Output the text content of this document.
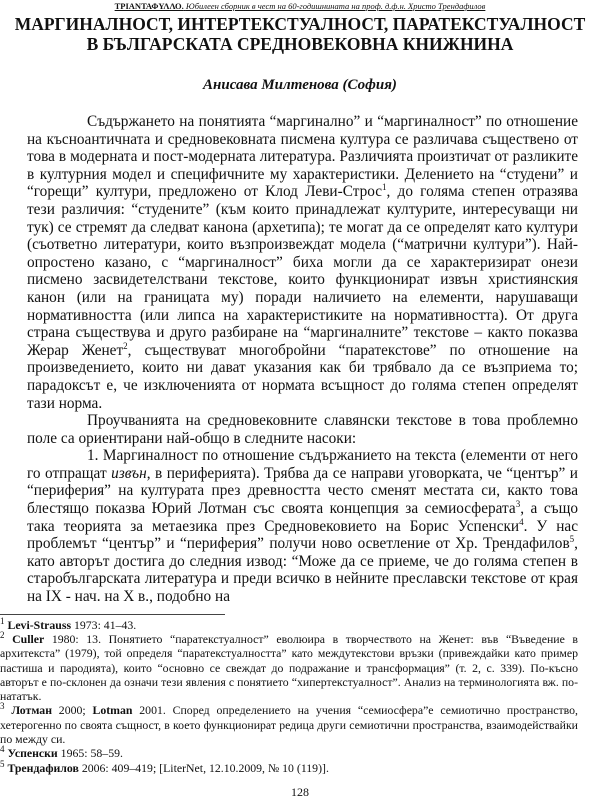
ΤΡΙΑΝΤΑΦΥΛΛΟ. Юбилеен сборник в чест на 60-годишнината на проф. д.ф.н. Христо Трендафилов
МАРГИНАЛНОСТ, ИНТЕРТЕКСТУАЛНОСТ, ПАРАТЕКСТУАЛНОСТ
В БЪЛГАРСКАТА СРЕДНОВЕКОВНА КНИЖНИНА
Анисава Милтенова (София)

Съдържането на понятията “маргинално” и “маргиналност” по отношение на късноантичната и средновековната писмена култура се различава съществено от това в модерната и пост-модерната литература. Различията произтичат от разликите в културния модел и специфичните му характеристики. Делението на “студени” и “горещи” култури, предложено от Клод Леви-Строс$^1$, до голяма степен отразява тези различия: “студените” (към които принадлежат културите, интересуващи ни тук) се стремят да следват канона (архетипа); те могат да се определят като култури (съответно литератури, които възпроизвеждат модела (“матрични култури”). Най-опростено казано, с “маргиналност” биха могли да се характеризират онези писмено засвидетелствани текстове, които функционират извън християнския канон (или на границата му) поради наличието на елементи, нарушаващи нормативността (или липса на характеристиките на нормативността). От друга страна съществува и друго разбиране на “маргиналните” текстове – както показва Жерар Женет$^2$, съществуват многобройни “паратекстове” по отношение на произведението, които ни дават указания как би трябвало да се възприема то; парадоксът е, че изключенията от нормата всъщност до голяма степен определят тази норма.

Проучванията на средновековните славянски текстове в това проблемно поле са ориентирани най-общо в следните насоки:

1. Маргиналност по отношение съдържанието на текста (елементи от него го отпращат извън, в периферията). Трябва да се направи уговорката, че “център” и “периферия” на културата през древността често сменят местата си, както това блестящо показва Юрий Лотман със своята концепция за семиосферата$^3$, а също така теорията за метаезика през Средновековието на Борис Успенски$^4$. У нас проблемът “център” и “периферия” получи ново осветление от Хр. Трендафилов$^5$, като авторът достига до следния извод: “Може да се приеме, че до голяма степен в старобългарската литература и преди всичко в нейните преславски текстове от края на IX - нач. на X в., подобно на

$^1$ Levi-Strauss 1973: 41–43.
$^2$ Culler 1980: 13. Понятието “паратекстуалност” еволюира в творчеството на Женет: във “Въведение в архитекста” (1979), той определя “паратекстуалността” като междутекстови връзки (привеждайки като пример пастиша и пародията), които “основно се свеждат до подражание и трансформация” (т. 2, с. 339). По-късно авторът е по-склонен да означи тези явления с понятието “хипертекстуалност”. Анализ на терминологията вж. по-нататък.
$^3$ Лотман 2000; Lotman 2001. Според определението на учения “семиосфера”е семиотично пространство, хетерогенно по своята същност, в което функционират редица други семиотични пространства, взаимодействайки по между си.
$^4$ Успенски 1965: 58–59.
$^5$ Трендафилов 2006: 409–419; [LiterNet, 12.10.2009, № 10 (119)].
128
